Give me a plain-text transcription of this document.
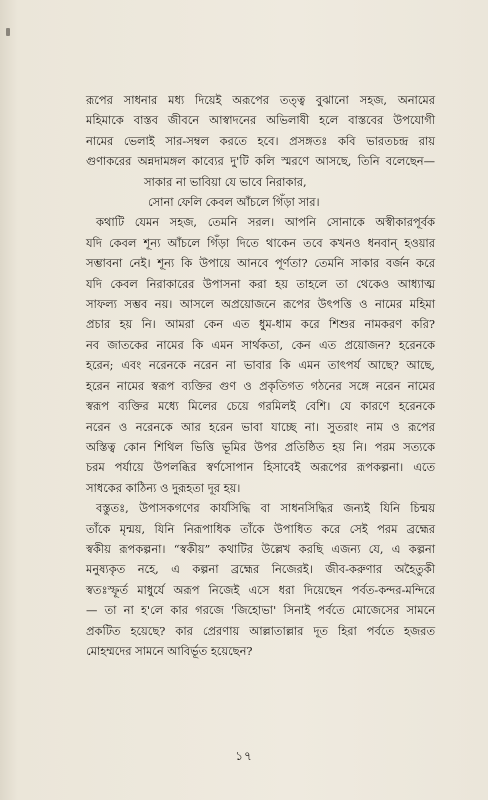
রূপের সাধনার মধ্য দিয়েই অরূপের তত্ত্ব বুঝানো সহজ, অনামের
মহিমাকে বাস্তব জীবনে আস্বাদনের অভিলাষী হলে বাস্তবের উপযোগী
নামের ভেলাই সার-সম্বল করতে হবে। প্রসঙ্গতঃ কবি ভারতচন্দ্র রায়
গুণাকরের অন্নদামঙ্গল কাব্যের দু'টি কলি স্মরণে আসছে, তিনি বলেছেন—
সাকার না ভাবিয়া যে ভাবে নিরাকার,
সোনা ফেলি কেবল আঁচলে গিঁড়া সার।
কথাটি যেমন সহজ, তেমনি সরল। আপনি সোনাকে অস্বীকারপূর্বক
যদি কেবল শূন্য আঁচলে গিঁড়া দিতে থাকেন তবে কখনও ধনবান্ হওয়ার
সম্ভাবনা নেই। শূন্য কি উপায়ে আনবে পূর্ণতা? তেমনি সাকার বর্জন করে
যদি কেবল নিরাকারের উপাসনা করা হয় তাহলে তা থেকেও আধ্যাত্ম
সাফল্য সম্ভব নয়। আসলে অপ্রয়োজনে রূপের উৎপত্তি ও নামের মহিমা
প্রচার হয় নি। আমরা কেন এত ধুম-ধাম করে শিশুর নামকরণ করি?
নব জাতকের নামের কি এমন সার্থকতা, কেন এত প্রয়োজন? হরেনকে
হরেন; এবং নরেনকে নরেন না ভাবার কি এমন তাৎপর্য আছে? আছে,
হরেন নামের স্বরূপ ব্যক্তির গুণ ও প্রকৃতিগত গঠনের সঙ্গে নরেন নামের
স্বরূপ ব্যক্তির মধ্যে মিলের চেয়ে গরমিলই বেশি। যে কারণে হরেনকে
নরেন ও নরেনকে আর হরেন ভাবা যাচ্ছে না। সুতরাং নাম ও রূপের
অস্তিত্ব কোন শিথিল ভিত্তি ভূমির উপর প্রতিষ্ঠিত হয় নি। পরম সত্যকে
চরম পর্যায়ে উপলব্ধির স্বর্ণসোপান হিসাবেই অরূপের রূপকল্পনা। এতে
সাধকের কাঠিন্য ও দুরূহতা দূর হয়।
বস্তুতঃ, উপাসকগণের কার্যসিদ্ধি বা সাধনসিদ্ধির জন্যই যিনি চিন্ময়
তাঁকে মৃন্ময়, যিনি নিরূপাধিক তাঁকে উপাধিত করে সেই পরম ব্রহ্মের
স্বকীয় রূপকল্পনা। “স্বকীয়” কথাটির উল্লেখ করছি এজন্য যে, এ কল্পনা
মনুষ্যকৃত নহে, এ কল্পনা ব্রহ্মের নিজেরই। জীব-করুণার অহৈতুকী
স্বতঃস্ফূর্ত মাধুর্যে অরূপ নিজেই এসে ধরা দিয়েছেন পর্বত-কন্দর-মন্দিরে
— তা না হ'লে কার গরজে 'জিহোভা' সিনাই পর্বতে মোজেসের সামনে
প্রকটিত হয়েছে? কার প্রেরণায় আল্লাতাল্লার দূত হিরা পর্বতে হজরত
মোহম্মদের সামনে আবির্ভূত হয়েছেন?
১৭
